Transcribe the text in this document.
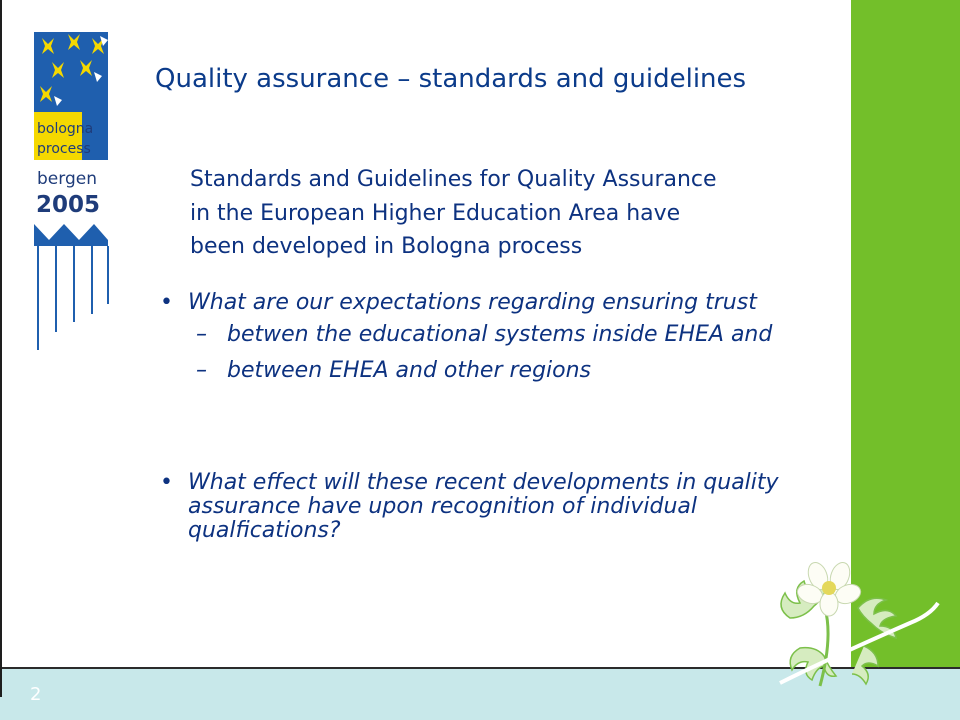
2
bologna
process
bergen
2005
Quality assurance – standards and guidelines
Standards and Guidelines for Quality Assurance
in the European Higher Education Area have
been developed in Bologna process
• What are our expectations regarding ensuring trust
– betwen the educational systems inside EHEA and
– between EHEA and other regions
• What effect will these recent developments in quality assurance have upon recognition of individual qualfications?
